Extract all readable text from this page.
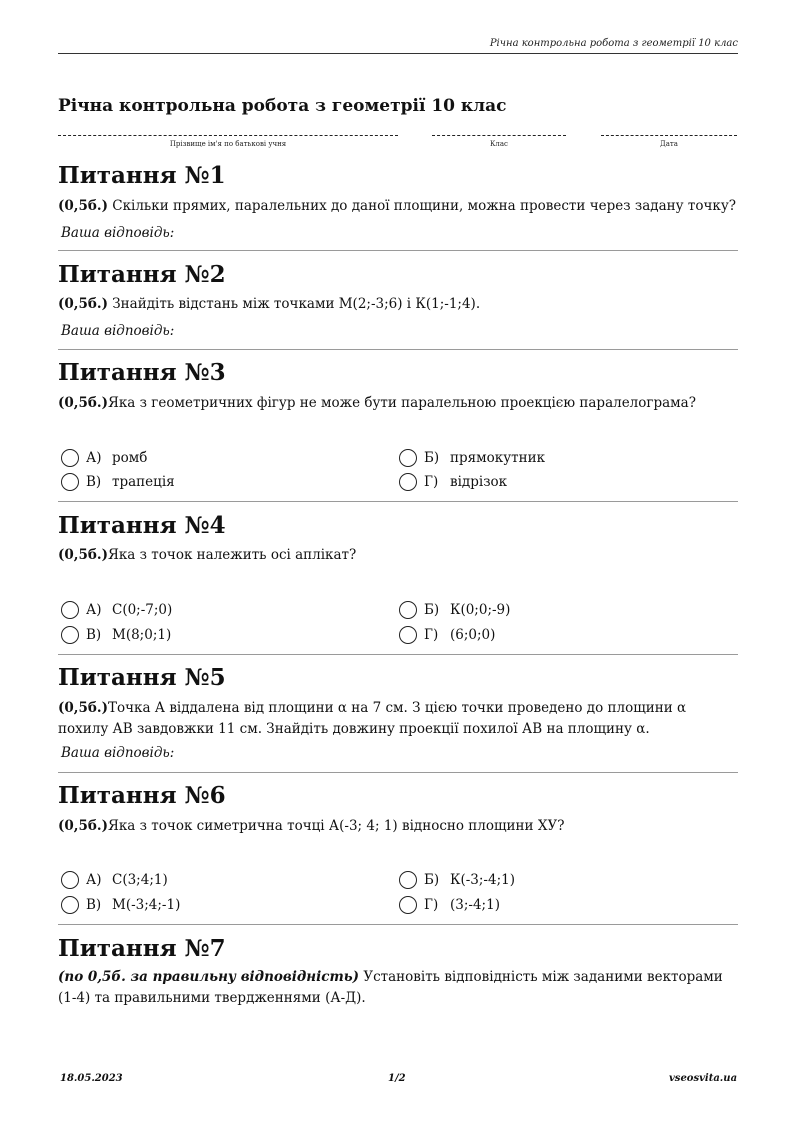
Річна контрольна робота з геометрії 10 клас
Річна контрольна робота з геометрії 10 клас
Прізвище ім'я по батькові учня	Клас	Дата
Питання №1
(0,5б.) Скільки прямих, паралельних до даної площини, можна провести через задану точку?
Ваша відповідь:
Питання №2
(0,5б.) Знайдіть відстань між точками М(2;-3;6) і К(1;-1;4).
Ваша відповідь:
Питання №3
(0,5б.)Яка з геометричних фігур не може бути паралельною проекцією паралелограма?
А) ромб	Б) прямокутник
В) трапеція	Г) відрізок
Питання №4
(0,5б.)Яка з точок належить осі аплікат?
А) С(0;-7;0)	Б) К(0;0;-9)
В) М(8;0;1)	Г) (6;0;0)
Питання №5
(0,5б.)Точка А віддалена від площини α на 7 см. З цією точки проведено до площини α похилу АВ завдовжки 11 см. Знайдіть довжину проекції похилої АВ на площину α.
Ваша відповідь:
Питання №6
(0,5б.)Яка з точок симетрична точці А(-3; 4; 1) відносно площини ХУ?
А) С(3;4;1)	Б) К(-3;-4;1)
В) М(-3;4;-1)	Г) (3;-4;1)
Питання №7
(по 0,5б. за правильну відповідність) Установіть відповідність між заданими векторами (1-4) та правильними твердженнями (А-Д).
18.05.2023	1/2	vseosvita.ua
